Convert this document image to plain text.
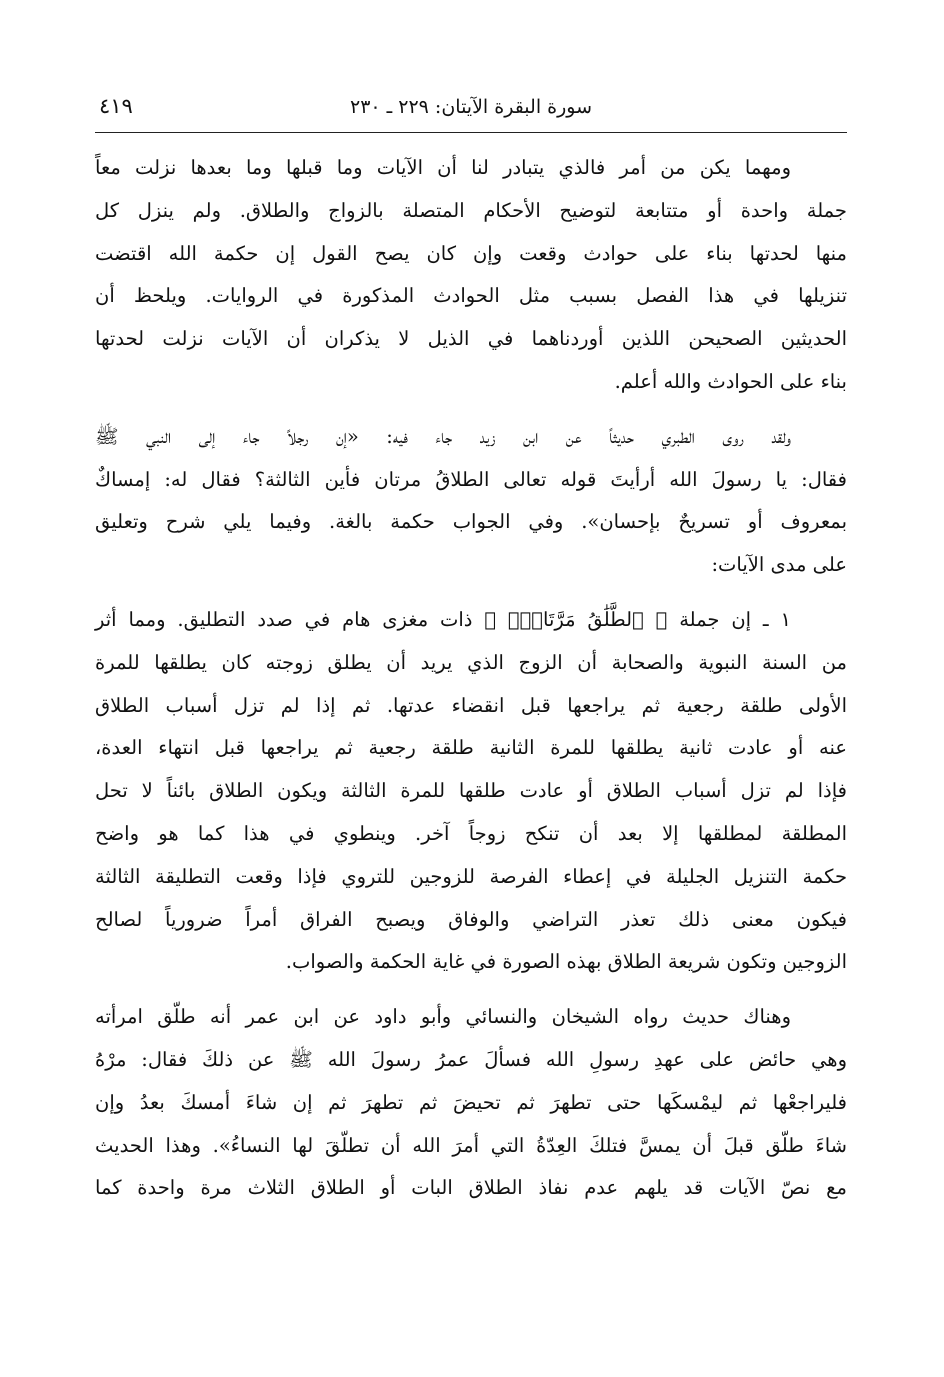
سورة البقرة الآيتان: ٢٢٩ ـ ٢٣٠
٤١٩

ومهما يكن من أمر فالذي يتبادر لنا أن الآيات وما قبلها وما بعدها نزلت معاً
جملة واحدة أو متتابعة لتوضيح الأحكام المتصلة بالزواج والطلاق. ولم ينزل كل
منها لحدتها بناء على حوادث وقعت وإن كان يصح القول إن حكمة الله اقتضت
تنزيلها في هذا الفصل بسبب مثل الحوادث المذكورة في الروايات. ويلحظ أن
الحديثين الصحيحن اللذين أوردناهما في الذيل لا يذكران أن الآيات نزلت لحدتها
بناء على الحوادث والله أعلم.

ولقد روى الطبري حديثاً عن ابن زيد جاء فيه: «إن رجلاً جاء إلى النبي ﷺ
فقال: يا رسولَ الله أرأيتَ قوله تعالى الطلاقُ مرتان فأين الثالثة؟ فقال له: إمساكٌ
بمعروف أو تسريحٌ بإحسان». وفي الجواب حكمة بالغة. وفيما يلي شرح وتعليق
على مدى الآيات:

١ ـ إن جملة ﴿ ٱلطَّلَٰقُ مَرَّتَانِۖ ﴾ ذات مغزى هام في صدد التطليق. ومما أثر
من السنة النبوية والصحابة أن الزوج الذي يريد أن يطلق زوجته كان يطلقها للمرة
الأولى طلقة رجعية ثم يراجعها قبل انقضاء عدتها. ثم إذا لم تزل أسباب الطلاق
عنه أو عادت ثانية يطلقها للمرة الثانية طلقة رجعية ثم يراجعها قبل انتهاء العدة،
فإذا لم تزل أسباب الطلاق أو عادت طلقها للمرة الثالثة ويكون الطلاق بائناً لا تحل
المطلقة لمطلقها إلا بعد أن تنكح زوجاً آخر. وينطوي في هذا كما هو واضح
حكمة التنزيل الجليلة في إعطاء الفرصة للزوجين للتروي فإذا وقعت التطليقة الثالثة
فيكون معنى ذلك تعذر التراضي والوفاق ويصبح الفراق أمراً ضرورياً لصالح
الزوجين وتكون شريعة الطلاق بهذه الصورة في غاية الحكمة والصواب.

وهناك حديث رواه الشيخان والنسائي وأبو داود عن ابن عمر أنه طلّق امرأته
وهي حائض على عهدِ رسولِ الله فسألَ عمرُ رسولَ الله ﷺ عن ذلكَ فقال: مرْهُ
فليراجعْها ثم ليمْسكَها حتى تطهرَ ثم تحيضَ ثم تطهرَ ثم إن شاءَ أمسكَ بعدُ وإن
شاءَ طلّق قبلَ أن يمسَّ فتلكَ العِدّةُ التي أمرَ الله أن تطلّقَ لها النساءُ». وهذا الحديث
مع نصّ الآيات قد يلهم عدم نفاذ الطلاق البات أو الطلاق الثلاث مرة واحدة كما
